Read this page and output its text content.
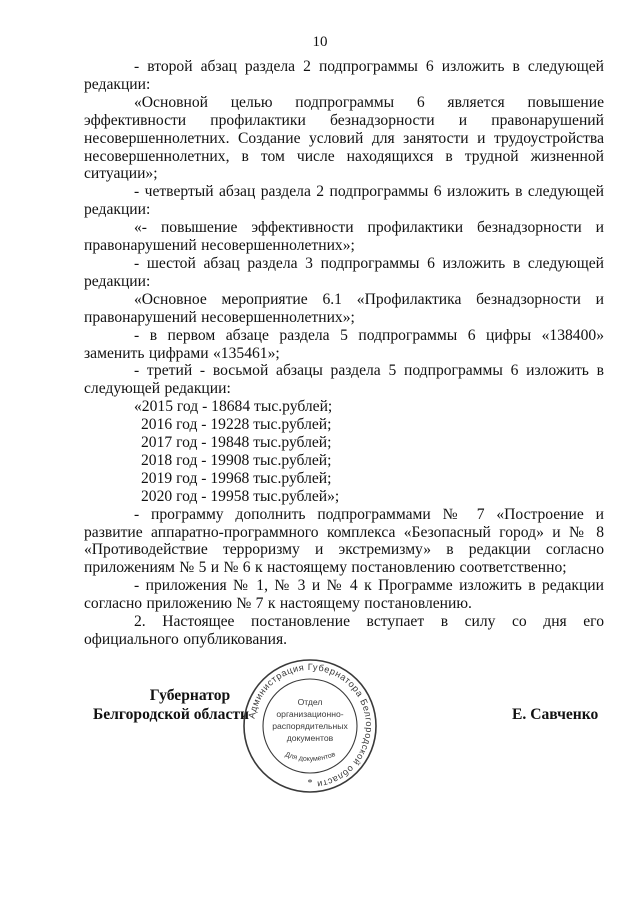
10

- второй абзац раздела 2 подпрограммы 6 изложить в следующей редакции:

«Основной целью подпрограммы 6 является повышение эффективности профилактики безнадзорности и правонарушений несовершеннолетних. Создание условий для занятости и трудоустройства несовершеннолетних, в том числе находящихся в трудной жизненной ситуации»;

- четвертый абзац раздела 2 подпрограммы 6 изложить в следующей редакции:

«- повышение эффективности профилактики безнадзорности и правонарушений несовершеннолетних»;

- шестой абзац раздела 3 подпрограммы 6 изложить в следующей редакции:

«Основное мероприятие 6.1 «Профилактика безнадзорности и правонарушений несовершеннолетних»;

- в первом абзаце раздела 5 подпрограммы 6 цифры «138400» заменить цифрами «135461»;

- третий - восьмой абзацы раздела 5 подпрограммы 6 изложить в следующей редакции:

«2015 год - 18684 тыс.рублей;
2016 год - 19228 тыс.рублей;
2017 год - 19848 тыс.рублей;
2018 год - 19908 тыс.рублей;
2019 год - 19968 тыс.рублей;
2020 год - 19958 тыс.рублей»;

- программу дополнить подпрограммами № 7 «Построение и развитие аппаратно-программного комплекса «Безопасный город» и № 8 «Противодействие терроризму и экстремизму» в редакции согласно приложениям № 5 и № 6 к настоящему постановлению соответственно;

- приложения № 1, № 3 и № 4 к Программе изложить в редакции согласно приложению № 7 к настоящему постановлению.

2. Настоящее постановление вступает в силу со дня его официального опубликования.

Губернатор
Белгородской области	Е. Савченко
Администрация Губернатора Белгородской области
Отдел
организационно-
распорядительных
документов
Для документов
*
